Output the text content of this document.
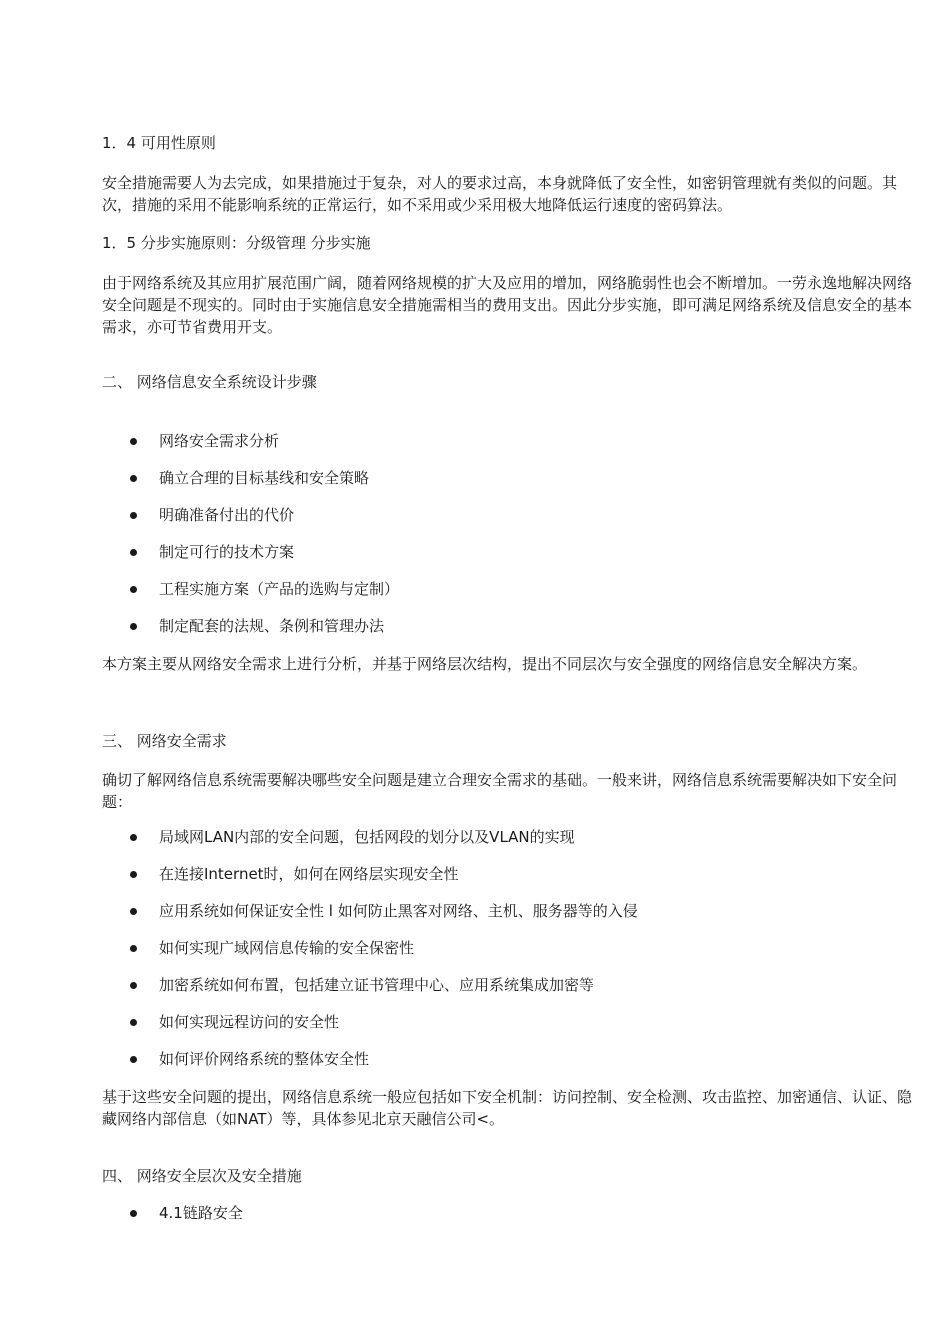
1．4 可用性原则

安全措施需要人为去完成，如果措施过于复杂，对人的要求过高，本身就降低了安全性，如密钥管理就有类似的问题。其次，措施的采用不能影响系统的正常运行，如不采用或少采用极大地降低运行速度的密码算法。

1．5 分步实施原则：分级管理 分步实施

由于网络系统及其应用扩展范围广阔，随着网络规模的扩大及应用的增加，网络脆弱性也会不断增加。一劳永逸地解决网络安全问题是不现实的。同时由于实施信息安全措施需相当的费用支出。因此分步实施，即可满足网络系统及信息安全的基本需求，亦可节省费用开支。

二、 网络信息安全系统设计步骤

网络安全需求分析

确立合理的目标基线和安全策略

明确准备付出的代价

制定可行的技术方案

工程实施方案（产品的选购与定制）

制定配套的法规、条例和管理办法

本方案主要从网络安全需求上进行分析，并基于网络层次结构，提出不同层次与安全强度的网络信息安全解决方案。

三、 网络安全需求

确切了解网络信息系统需要解决哪些安全问题是建立合理安全需求的基础。一般来讲，网络信息系统需要解决如下安全问题：

局域网LAN内部的安全问题，包括网段的划分以及VLAN的实现

在连接Internet时，如何在网络层实现安全性

应用系统如何保证安全性 l 如何防止黑客对网络、主机、服务器等的入侵

如何实现广域网信息传输的安全保密性

加密系统如何布置，包括建立证书管理中心、应用系统集成加密等

如何实现远程访问的安全性

如何评价网络系统的整体安全性

基于这些安全问题的提出，网络信息系统一般应包括如下安全机制：访问控制、安全检测、攻击监控、加密通信、认证、隐藏网络内部信息（如NAT）等，具体参见北京天融信公司<。

四、 网络安全层次及安全措施

4.1链路安全
